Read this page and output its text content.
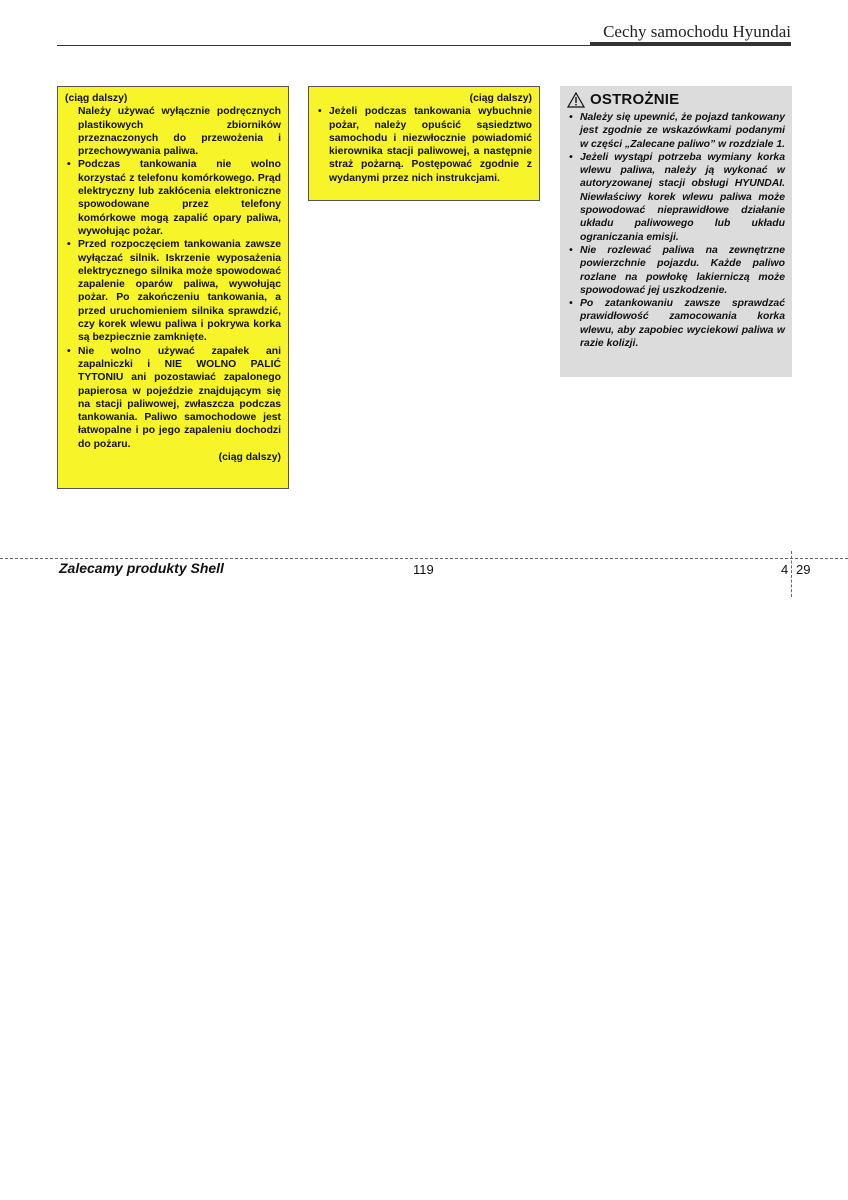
Cechy samochodu Hyundai
(ciąg dalszy)
Należy używać wyłącznie podręcznych plastikowych zbiorników przeznaczonych do przewożenia i przechowywania paliwa.
• Podczas tankowania nie wolno korzystać z telefonu komórkowego. Prąd elektryczny lub zakłócenia elektroniczne spowodowane przez telefony komórkowe mogą zapalić opary paliwa, wywołując pożar.
• Przed rozpoczęciem tankowania zawsze wyłączać silnik. Iskrzenie wyposażenia elektrycznego silnika może spowodować zapalenie oparów paliwa, wywołując pożar. Po zakończeniu tankowania, a przed uruchomieniem silnika sprawdzić, czy korek wlewu paliwa i pokrywa korka są bezpiecznie zamknięte.
• Nie wolno używać zapałek ani zapalniczki i NIE WOLNO PALIĆ TYTONIU ani pozostawiać zapalonego papierosa w pojeździe znajdującym się na stacji paliwowej, zwłaszcza podczas tankowania. Paliwo samochodowe jest łatwopalne i po jego zapaleniu dochodzi do pożaru.
(ciąg dalszy)
(ciąg dalszy)
• Jeżeli podczas tankowania wybuchnie pożar, należy opuścić sąsiedztwo samochodu i niezwłocznie powiadomić kierownika stacji paliwowej, a następnie straż pożarną. Postępować zgodnie z wydanymi przez nich instrukcjami.
OSTROŻNIE
• Należy się upewnić, że pojazd tankowany jest zgodnie ze wskazówkami podanymi w części „Zalecane paliwo” w rozdziale 1.
• Jeżeli wystąpi potrzeba wymiany korka wlewu paliwa, należy ją wykonać w autoryzowanej stacji obsługi HYUNDAI. Niewłaściwy korek wlewu paliwa może spowodować nieprawidłowe działanie układu paliwowego lub układu ograniczania emisji.
• Nie rozlewać paliwa na zewnętrzne powierzchnie pojazdu. Każde paliwo rozlane na powłokę lakierniczą może spowodować jej uszkodzenie.
• Po zatankowaniu zawsze sprawdzać prawidłowość zamocowania korka wlewu, aby zapobiec wyciekowi paliwa w razie kolizji.
Zalecamy produkty Shell	119	4 29
